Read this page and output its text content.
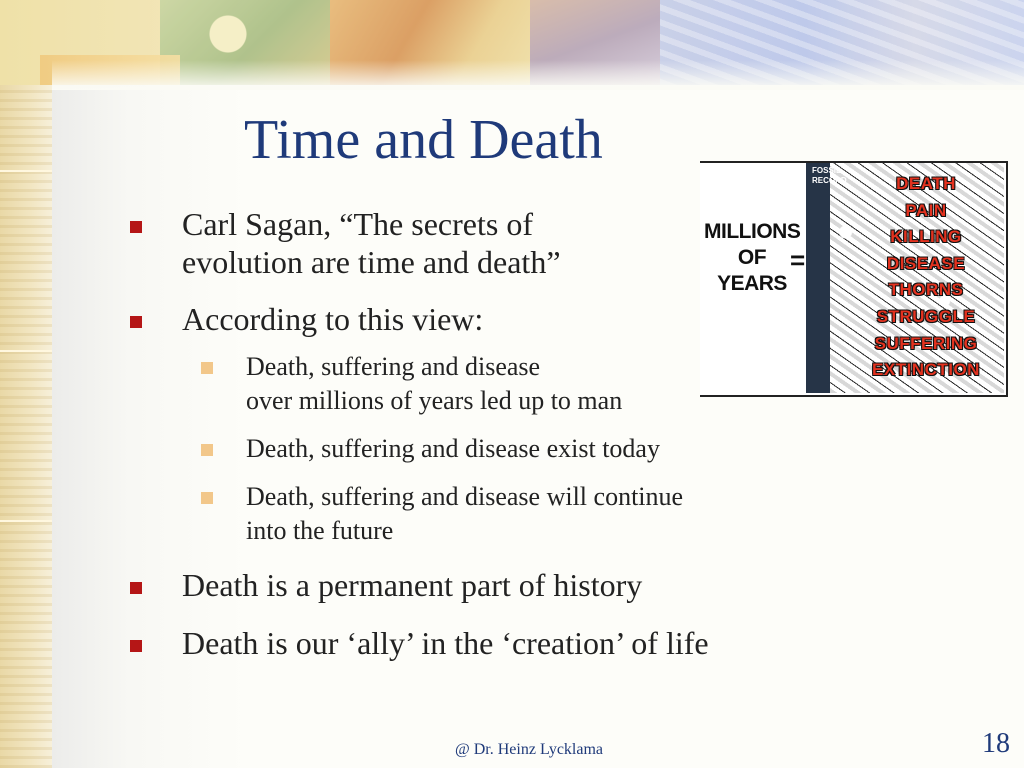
Time and Death
Carl Sagan, “The secrets of
evolution are time and death”
According to this view:
Death, suffering and disease
over millions of years led up to man
Death, suffering and disease exist today
Death, suffering and disease will continue
into the future
Death is a permanent part of history
Death is our ‘ally’ in the ‘creation’ of life
MILLIONS
OF
YEARS
=
FOSSIL
RECORD	DEATH
PAIN
KILLING
DISEASE
THORNS
STRUGGLE
SUFFERING
EXTINCTION
@ Dr. Heinz Lycklama	18
